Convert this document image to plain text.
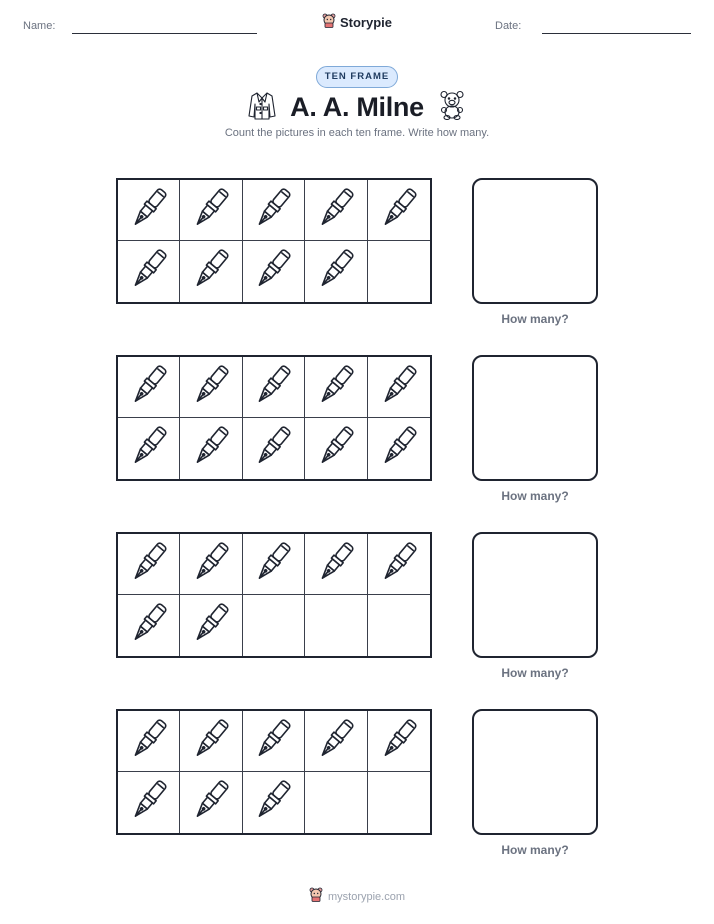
Name:	Storypie	Date:
TEN FRAME
A. A. Milne
Count the pictures in each ten frame. Write how many.
How many?
How many?
How many?
How many?
mystorypie.com
